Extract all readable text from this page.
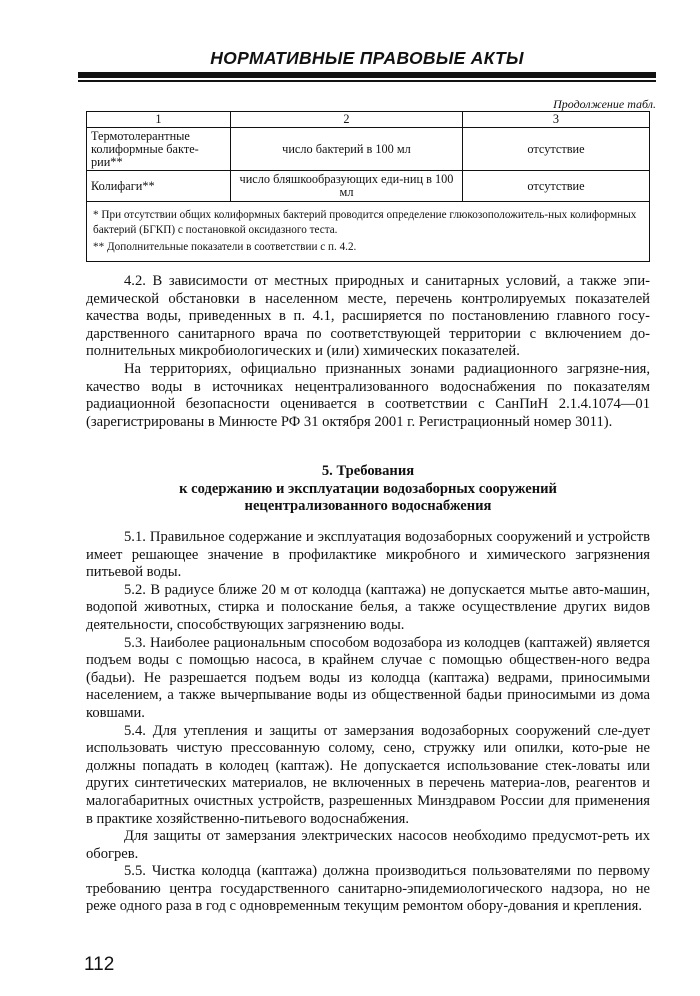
НОРМАТИВНЫЕ ПРАВОВЫЕ АКТЫ
Продолжение табл.
1	2	3
Термотолерантные колиформные бакте-рии**	число бактерий в 100 мл	отсутствие
Колифаги**	число бляшкообразующих еди-ниц в 100 мл	отсутствие

* При отсутствии общих колиформных бактерий проводится определение глюкозоположитель-ных колиформных бактерий (БГКП) с постановкой оксидазного теста.
** Дополнительные показатели в соответствии с п. 4.2.		

4.2. В зависимости от местных природных и санитарных условий, а также эпи-демической обстановки в населенном месте, перечень контролируемых показателей качества воды, приведенных в п. 4.1, расширяется по постановлению главного госу-дарственного санитарного врача по соответствующей территории с включением до-полнительных микробиологических и (или) химических показателей.

На территориях, официально признанных зонами радиационного загрязне-ния, качество воды в источниках нецентрализованного водоснабжения по показателям радиационной безопасности оценивается в соответствии с СанПиН 2.1.4.1074—01 (зарегистрированы в Минюсте РФ 31 октября 2001 г. Регистрационный номер 3011).

5. Требования
к содержанию и эксплуатации водозаборных сооружений
нецентрализованного водоснабжения

5.1. Правильное содержание и эксплуатация водозаборных сооружений и устройств имеет решающее значение в профилактике микробного и химического загрязнения питьевой воды.

5.2. В радиусе ближе 20 м от колодца (каптажа) не допускается мытье авто-машин, водопой животных, стирка и полоскание белья, а также осуществление других видов деятельности, способствующих загрязнению воды.

5.3. Наиболее рациональным способом водозабора из колодцев (каптажей) является подъем воды с помощью насоса, в крайнем случае с помощью обществен-ного ведра (бадьи). Не разрешается подъем воды из колодца (каптажа) ведрами, приносимыми населением, а также вычерпывание воды из общественной бадьи приносимыми из дома ковшами.

5.4. Для утепления и защиты от замерзания водозаборных сооружений сле-дует использовать чистую прессованную солому, сено, стружку или опилки, кото-рые не должны попадать в колодец (каптаж). Не допускается использование стек-ловаты или других синтетических материалов, не включенных в перечень материа-лов, реагентов и малогабаритных очистных устройств, разрешенных Минздравом России для применения в практике хозяйственно-питьевого водоснабжения.

Для защиты от замерзания электрических насосов необходимо предусмот-реть их обогрев.

5.5. Чистка колодца (каптажа) должна производиться пользователями по первому требованию центра государственного санитарно-эпидемиологического надзора, но не реже одного раза в год с одновременным текущим ремонтом обору-дования и крепления.

112
